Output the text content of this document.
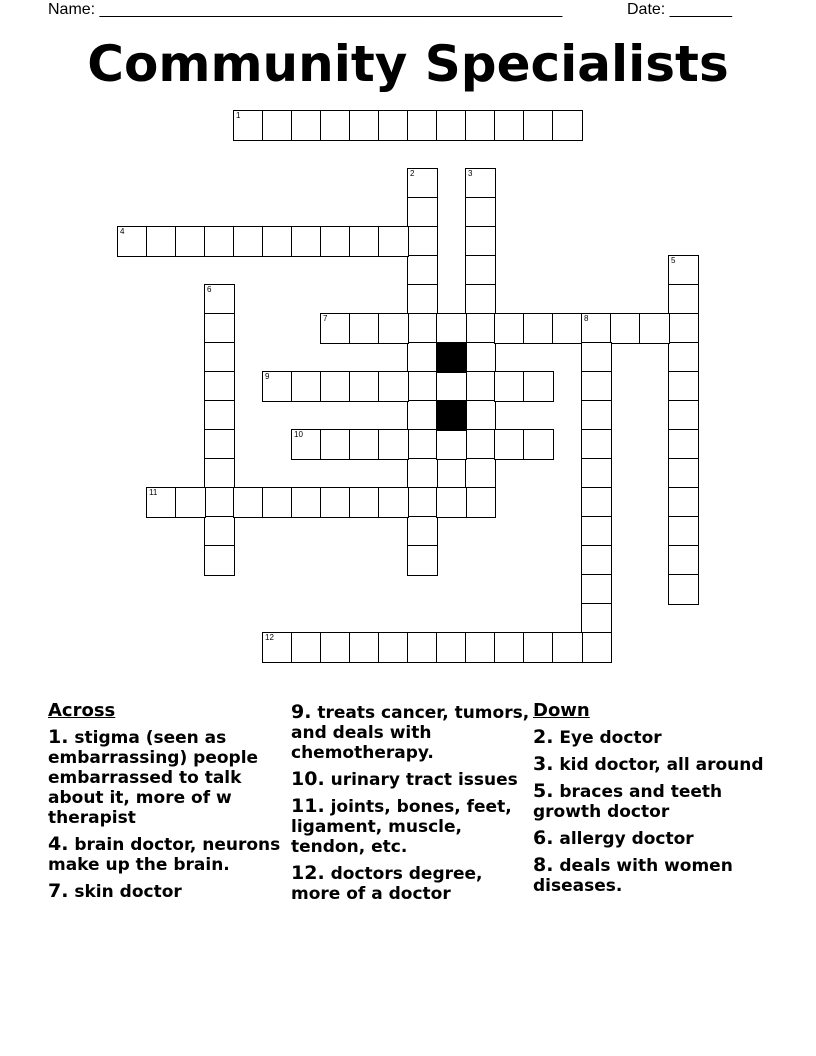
Name: ____________________________________________________	Date: _______
Community Specialists
1
2	3
4
5
6
7	8
9
10
11
12
Across
1. stigma (seen as embarrassing) people embarrassed to talk about it, more of w therapist
4. brain doctor, neurons make up the brain.
7. skin doctor
9. treats cancer, tumors, and deals with chemotherapy.
10. urinary tract issues
11. joints, bones, feet, ligament, muscle, tendon, etc.
12. doctors degree, more of a doctor
Down
2. Eye doctor
3. kid doctor, all around
5. braces and teeth growth doctor
6. allergy doctor
8. deals with women diseases.
